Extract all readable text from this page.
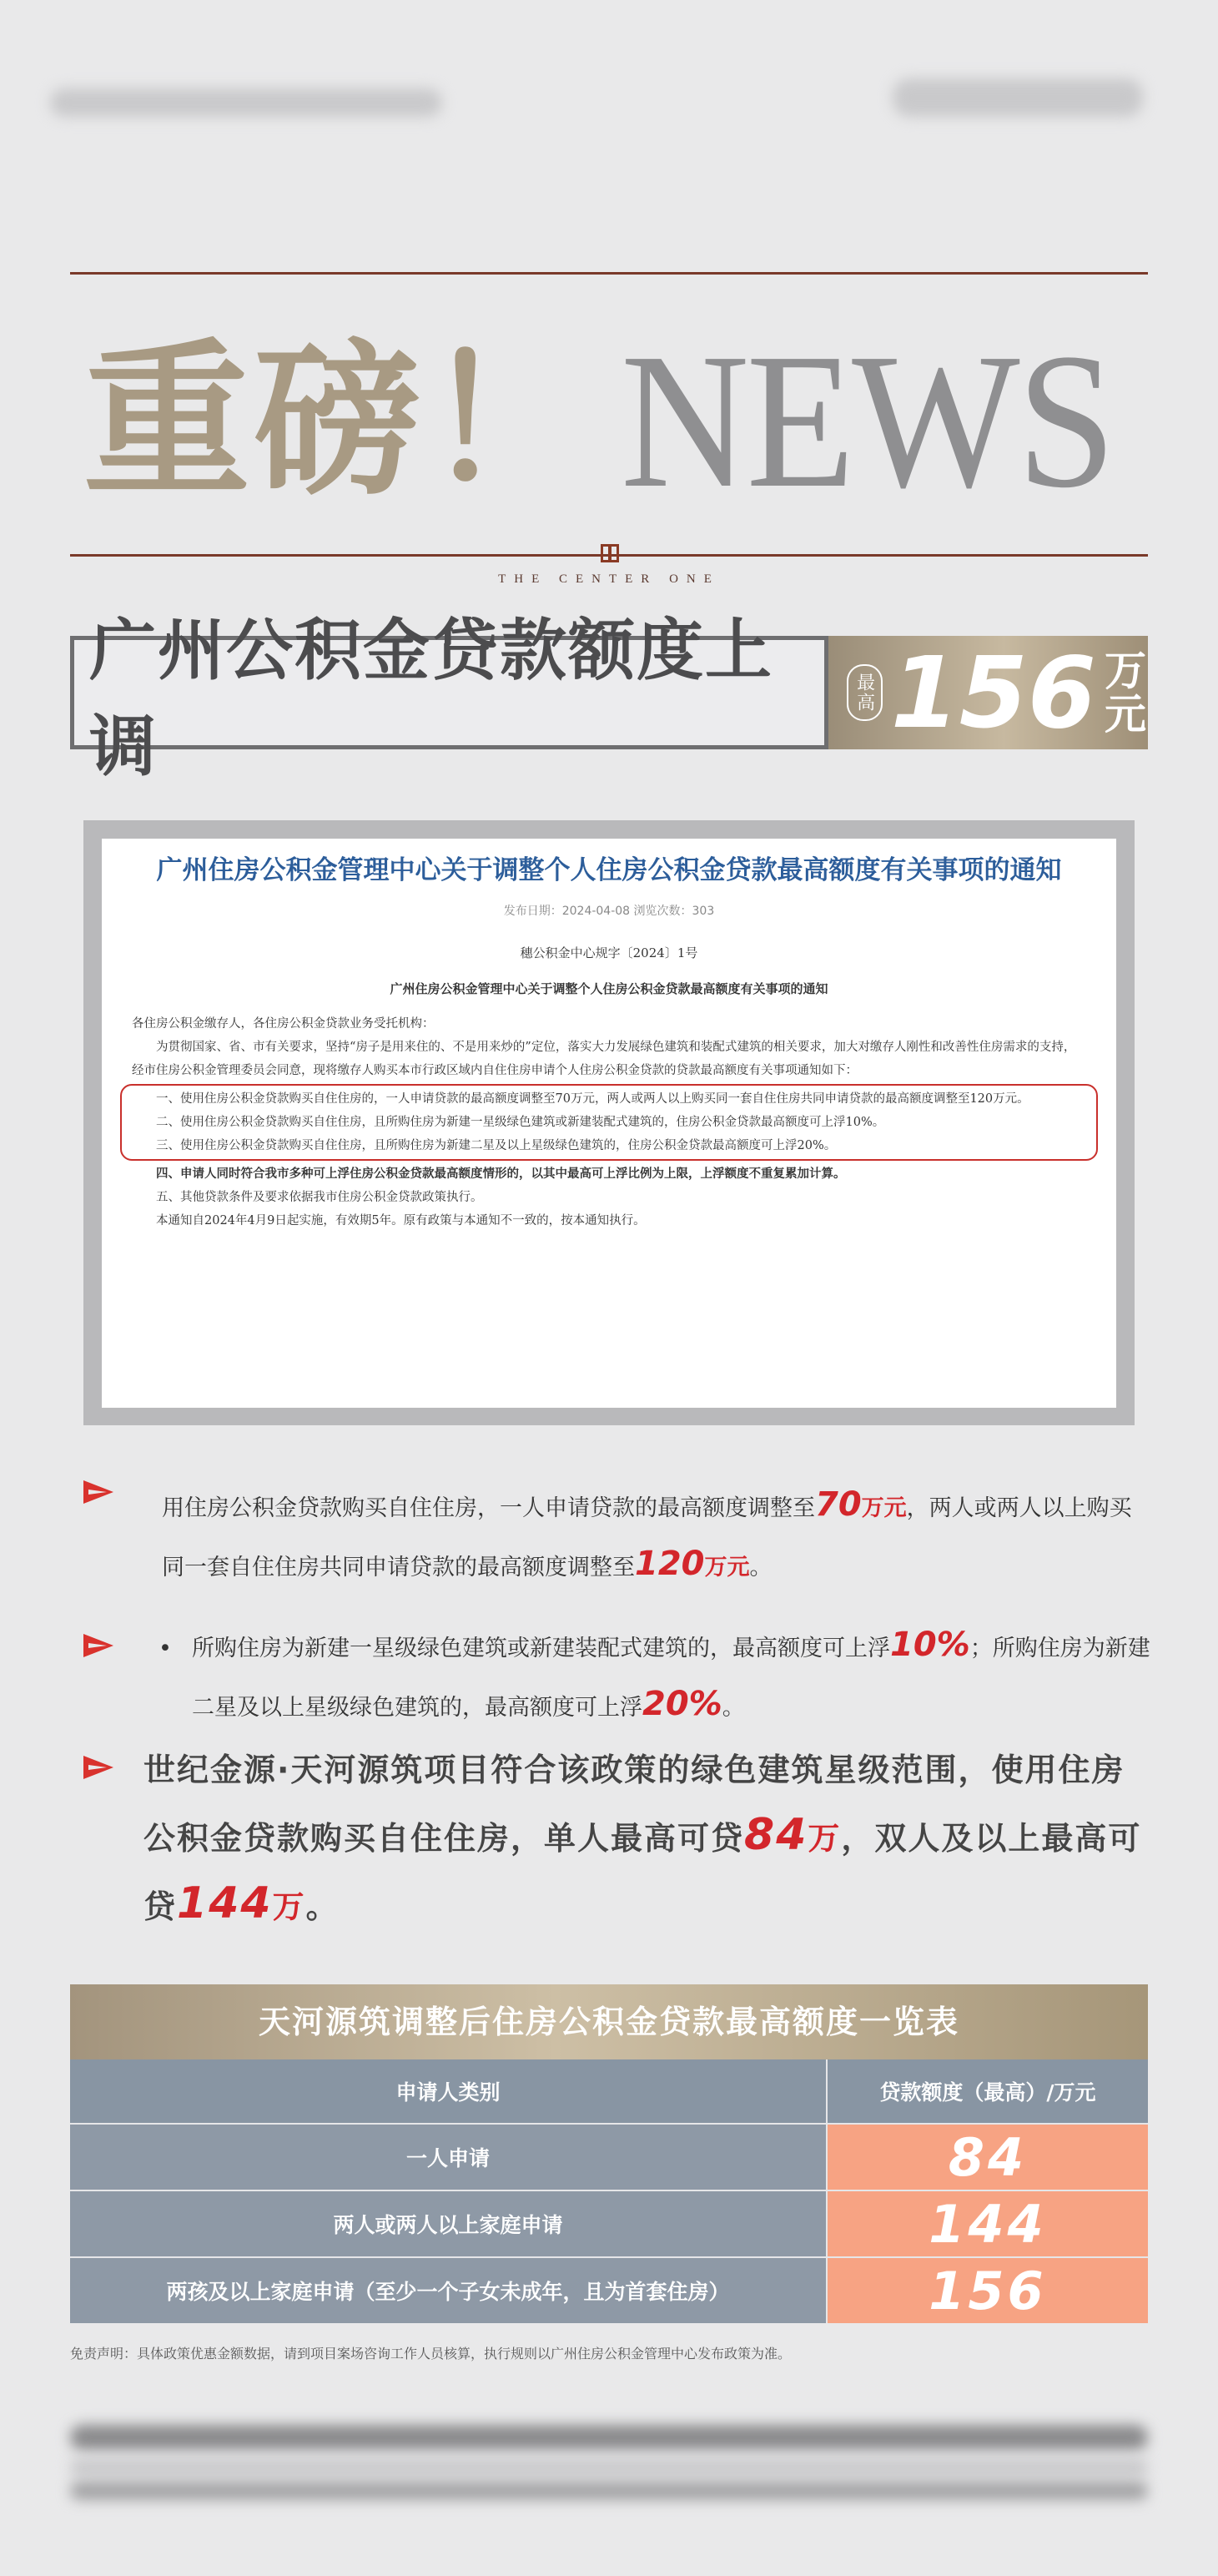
重磅！ NEWS
THE CENTER ONE
广州公积金贷款额度上调
最高 156 万元
广州住房公积金管理中心关于调整个人住房公积金贷款最高额度有关事项的通知
发布日期：2024-04-08 浏览次数：303
穗公积金中心规字〔2024〕1号
广州住房公积金管理中心关于调整个人住房公积金贷款最高额度有关事项的通知
各住房公积金缴存人，各住房公积金贷款业务受托机构：
为贯彻国家、省、市有关要求，坚持“房子是用来住的、不是用来炒的”定位，落实大力发展绿色建筑和装配式建筑的相关要求，加大对缴存人刚性和改善性住房需求的支持，经市住房公积金管理委员会同意，现将缴存人购买本市行政区域内自住住房申请个人住房公积金贷款的贷款最高额度有关事项通知如下：
一、使用住房公积金贷款购买自住住房的，一人申请贷款的最高额度调整至70万元，两人或两人以上购买同一套自住住房共同申请贷款的最高额度调整至120万元。
二、使用住房公积金贷款购买自住住房，且所购住房为新建一星级绿色建筑或新建装配式建筑的，住房公积金贷款最高额度可上浮10%。
三、使用住房公积金贷款购买自住住房，且所购住房为新建二星及以上星级绿色建筑的，住房公积金贷款最高额度可上浮20%。
四、申请人同时符合我市多种可上浮住房公积金贷款最高额度情形的，以其中最高可上浮比例为上限，上浮额度不重复累加计算。
五、其他贷款条件及要求依据我市住房公积金贷款政策执行。
本通知自2024年4月9日起实施，有效期5年。原有政策与本通知不一致的，按本通知执行。
用住房公积金贷款购买自住住房，一人申请贷款的最高额度调整至70万元，两人或两人以上购买同一套自住住房共同申请贷款的最高额度调整至120万元。
• 所购住房为新建一星级绿色建筑或新建装配式建筑的，最高额度可上浮10%；所购住房为新建二星及以上星级绿色建筑的，最高额度可上浮20%。
世纪金源·天河源筑项目符合该政策的绿色建筑星级范围，使用住房公积金贷款购买自住住房，单人最高可贷84万，双人及以上最高可贷144万。
天河源筑调整后住房公积金贷款最高额度一览表
申请人类别	贷款额度（最高）/万元
一人申请	84
两人或两人以上家庭申请	144
两孩及以上家庭申请（至少一个子女未成年，且为首套住房）	156
免责声明：具体政策优惠金额数据，请到项目案场咨询工作人员核算，执行规则以广州住房公积金管理中心发布政策为准。
